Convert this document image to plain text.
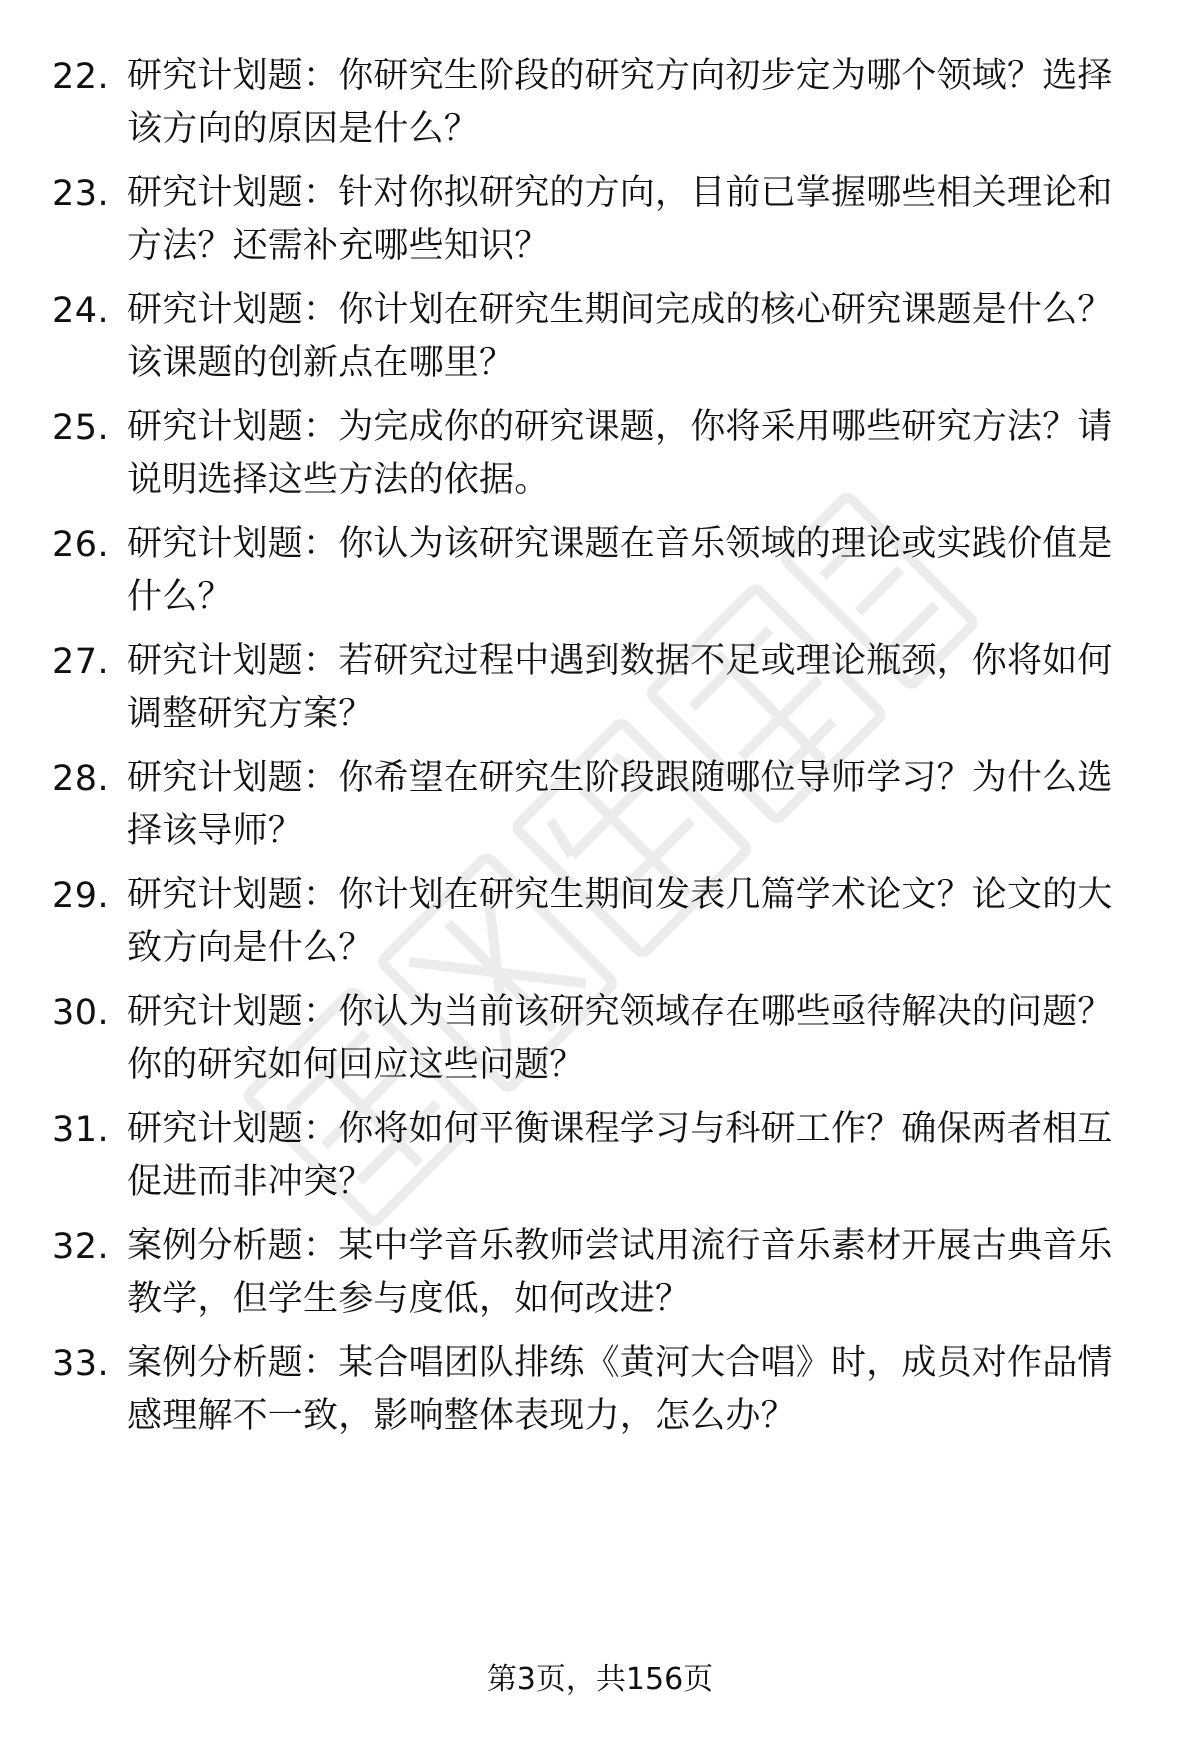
22. 研究计划题：你研究生阶段的研究方向初步定为哪个领域？选择该方向的原因是什么？
23. 研究计划题：针对你拟研究的方向，目前已掌握哪些相关理论和方法？还需补充哪些知识？
24. 研究计划题：你计划在研究生期间完成的核心研究课题是什么？该课题的创新点在哪里？
25. 研究计划题：为完成你的研究课题，你将采用哪些研究方法？请说明选择这些方法的依据。
26. 研究计划题：你认为该研究课题在音乐领域的理论或实践价值是什么？
27. 研究计划题：若研究过程中遇到数据不足或理论瓶颈，你将如何调整研究方案？
28. 研究计划题：你希望在研究生阶段跟随哪位导师学习？为什么选择该导师？
29. 研究计划题：你计划在研究生期间发表几篇学术论文？论文的大致方向是什么？
30. 研究计划题：你认为当前该研究领域存在哪些亟待解决的问题？你的研究如何回应这些问题？
31. 研究计划题：你将如何平衡课程学习与科研工作？确保两者相互促进而非冲突？
32. 案例分析题：某中学音乐教师尝试用流行音乐素材开展古典音乐教学，但学生参与度低，如何改进？
33. 案例分析题：某合唱团队排练《黄河大合唱》时，成员对作品情感理解不一致，影响整体表现力，怎么办？
第3页，共156页
